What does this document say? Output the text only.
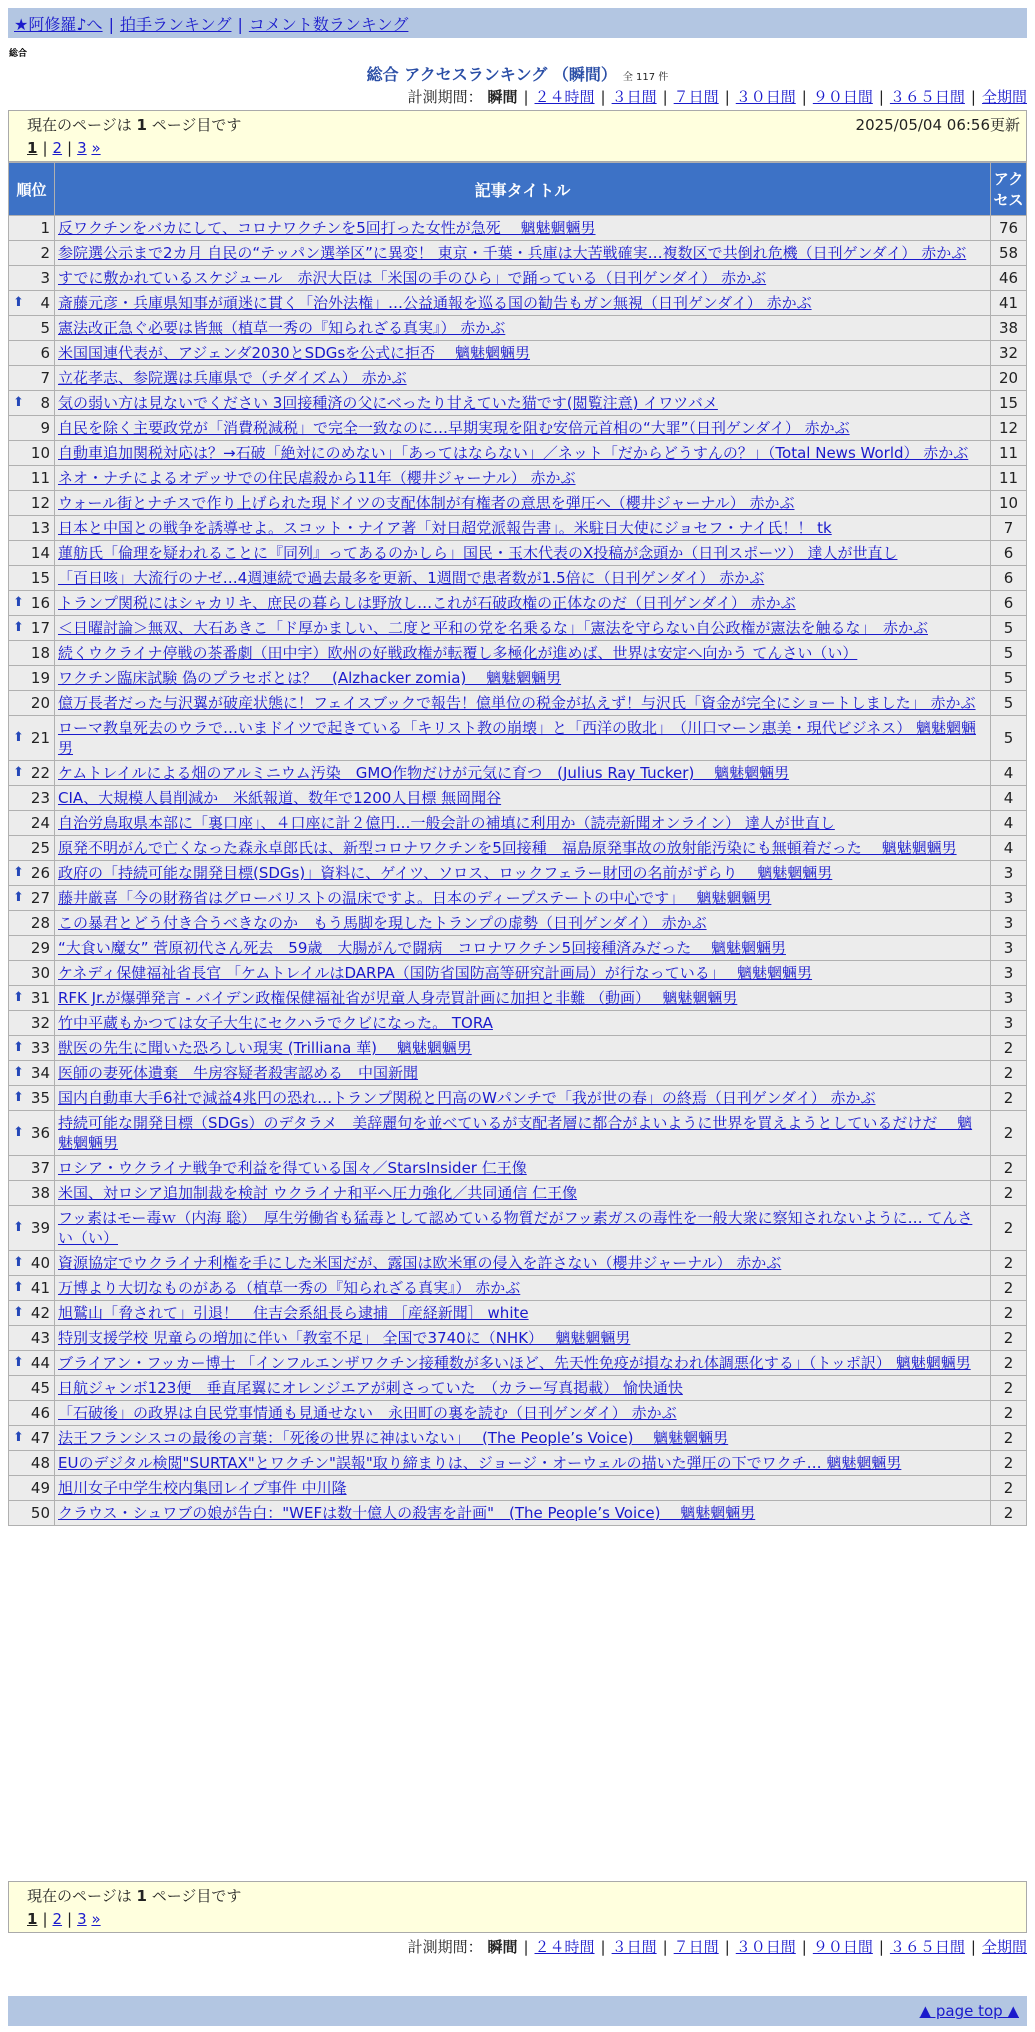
★阿修羅♪へ | 拍手ランキング | コメント数ランキング
総合
総合 アクセスランキング （瞬間） 全 117 件
計測期間： 瞬間 | ２４時間 | ３日間 | ７日間 | ３０日間 | ９０日間 | ３６５日間 | 全期間
現在のページは 1 ページ目です	2025/05/04 06:56更新
1 | 2 | 3 »
順位	記事タイトル	アクセス
1	反ワクチンをバカにして、コロナワクチンを5回打った女性が急死　 魑魅魍魎男	76
2	参院選公示まで2カ月 自民の“テッパン選挙区”に異変！ 東京・千葉・兵庫は大苦戦確実…複数区で共倒れ危機（日刊ゲンダイ） 赤かぶ	58
3	すでに敷かれているスケジュール　赤沢大臣は「米国の手のひら」で踊っている（日刊ゲンダイ） 赤かぶ	46

⬆ 4	斎藤元彦・兵庫県知事が頑迷に貫く「治外法権」…公益通報を巡る国の勧告もガン無視（日刊ゲンダイ） 赤かぶ	41
5	憲法改正急ぐ必要は皆無（植草一秀の『知られざる真実』） 赤かぶ	38
6	米国国連代表が、アジェンダ2030とSDGsを公式に拒否　 魑魅魍魎男	32
7	立花孝志、参院選は兵庫県で（チダイズム） 赤かぶ	20

⬆ 8	気の弱い方は見ないでください 3回接種済の父にべったり甘えていた猫です(閲覧注意) イワツバメ	15
9	自民を除く主要政党が「消費税減税」で完全一致なのに…早期実現を阻む安倍元首相の“大罪”（日刊ゲンダイ） 赤かぶ	12
10	自動車追加関税対応は？→石破「絶対にのめない」「あってはならない」／ネット「だからどうすんの？」（Total News World） 赤かぶ	11
11	ネオ・ナチによるオデッサでの住民虐殺から11年（櫻井ジャーナル） 赤かぶ	11
12	ウォール街とナチスで作り上げられた現ドイツの支配体制が有権者の意思を弾圧へ（櫻井ジャーナル） 赤かぶ	10
13	日本と中国との戦争を誘導せよ。スコット・ナイア著「対日超党派報告書」。米駐日大使にジョセフ・ナイ氏！！ tk	7
14	蓮舫氏「倫理を疑われることに『同列』ってあるのかしら」国民・玉木代表のX投稿が念頭か（日刊スポーツ） 達人が世直し	6
15	「百日咳」大流行のナゼ…4週連続で過去最多を更新、1週間で患者数が1.5倍に（日刊ゲンダイ） 赤かぶ	6

⬆ 16	トランプ関税にはシャカリキ、庶民の暮らしは野放し…これが石破政権の正体なのだ（日刊ゲンダイ） 赤かぶ	6

⬆ 17	＜日曜討論＞無双、大石あきこ「ド厚かましい、二度と平和の党を名乗るな」「憲法を守らない自公政権が憲法を触るな」　赤かぶ	5
18	続くウクライナ停戦の茶番劇（田中宇）欧州の好戦政権が転覆し多極化が進めば、世界は安定へ向かう てんさい（い）	5
19	ワクチン臨床試験 偽のプラセボとは？　(Alzhacker zomia)　 魑魅魍魎男	5
20	億万長者だった与沢翼が破産状態に！フェイスブックで報告！億単位の税金が払えず！与沢氏「資金が完全にショートしました」 赤かぶ	5

⬆ 21	ローマ教皇死去のウラで…いまドイツで起きている「キリスト教の崩壊」と「西洋の敗北」　（川口マーン惠美・現代ビジネス） 魑魅魍魎男	5

⬆ 22	ケムトレイルによる畑のアルミニウム汚染　GMO作物だけが元気に育つ　(Julius Ray Tucker)　 魑魅魍魎男	4
23	CIA、大規模人員削減か　米紙報道、数年で1200人目標 無岡聞谷	4
24	自治労鳥取県本部に「裏口座」、４口座に計２億円…一般会計の補填に利用か（読売新聞オンライン） 達人が世直し	4
25	原発不明がんで亡くなった森永卓郎氏は、新型コロナワクチンを5回接種　福島原発事故の放射能汚染にも無頓着だった　 魑魅魍魎男	4

⬆ 26	政府の「持続可能な開発目標(SDGs)」資料に、ゲイツ、ソロス、ロックフェラー財団の名前がずらり　 魑魅魍魎男	3

⬆ 27	藤井厳喜「今の財務省はグローバリストの温床ですよ。日本のディープステートの中心です」　 魑魅魍魎男	3
28	この暴君とどう付き合うべきなのか　もう馬脚を現したトランプの虚勢（日刊ゲンダイ） 赤かぶ	3
29	“大食い魔女” 菅原初代さん死去　59歳　大腸がんで闘病　コロナワクチン5回接種済みだった　 魑魅魍魎男	3
30	ケネディ保健福祉省長官 「ケムトレイルはDARPA（国防省国防高等研究計画局）が行なっている」　 魑魅魍魎男	3

⬆ 31	RFK Jr.が爆弾発言 - バイデン政権保健福祉省が児童人身売買計画に加担と非難 （動画）　 魑魅魍魎男	3
32	竹中平蔵もかつては女子大生にセクハラでクビになった。 TORA	3

⬆ 33	獣医の先生に聞いた恐ろしい現実 (Trilliana 華)　 魑魅魍魎男	2

⬆ 34	医師の妻死体遺棄　牛房容疑者殺害認める　中国新聞	2

⬆ 35	国内自動車大手6社で減益4兆円の恐れ…トランプ関税と円高のWパンチで「我が世の春」の終焉（日刊ゲンダイ） 赤かぶ	2

⬆ 36	持続可能な開発目標（SDGs）のデタラメ　美辞麗句を並べているが支配者層に都合がよいように世界を買えようとしているだけだ　 魑魅魍魎男	2
37	ロシア・ウクライナ戦争で利益を得ている国々／StarsInsider 仁王像	2
38	米国、対ロシア追加制裁を検討 ウクライナ和平へ圧力強化／共同通信 仁王像	2

⬆ 39	フッ素はモー毒ｗ（内海 聡）　厚生労働省も猛毒として認めている物質だがフッ素ガスの毒性を一般大衆に察知されないように… てんさい（い）	2

⬆ 40	資源協定でウクライナ利権を手にした米国だが、露国は欧米軍の侵入を許さない（櫻井ジャーナル） 赤かぶ	2

⬆ 41	万博より大切なものがある（植草一秀の『知られざる真実』） 赤かぶ	2

⬆ 42	旭鷲山「脅されて」引退！　住吉会系組長ら逮捕 ［産経新聞］ white	2
43	特別支援学校 児童らの増加に伴い「教室不足」 全国で3740に（NHK）　 魑魅魍魎男	2

⬆ 44	ブライアン・フッカー博士 「インフルエンザワクチン接種数が多いほど、先天性免疫が損なわれ体調悪化する」（トッポ訳） 魑魅魍魎男	2
45	日航ジャンボ123便　垂直尾翼にオレンジエアが刺さっていた　（カラー写真掲載） 愉快通快	2
46	「石破後」の政界は自民党事情通も見通せない　永田町の裏を読む（日刊ゲンダイ） 赤かぶ	2

⬆ 47	法王フランシスコの最後の言葉：「死後の世界に神はいない」　 (The People’s Voice)　 魑魅魍魎男	2
48	EUのデジタル検閲"SURTAX"とワクチン"誤報"取り締まりは、ジョージ・オーウェルの描いた弾圧の下でワクチ… 魑魅魍魎男	2
49	旭川女子中学生校内集団レイプ事件 中川隆	2
50	クラウス・シュワブの娘が告白："WEFは数十億人の殺害を計画"　(The People’s Voice)　 魑魅魍魎男	2
現在のページは 1 ページ目です
1 | 2 | 3 »
計測期間： 瞬間 | ２４時間 | ３日間 | ７日間 | ３０日間 | ９０日間 | ３６５日間 | 全期間
▲ page top ▲
